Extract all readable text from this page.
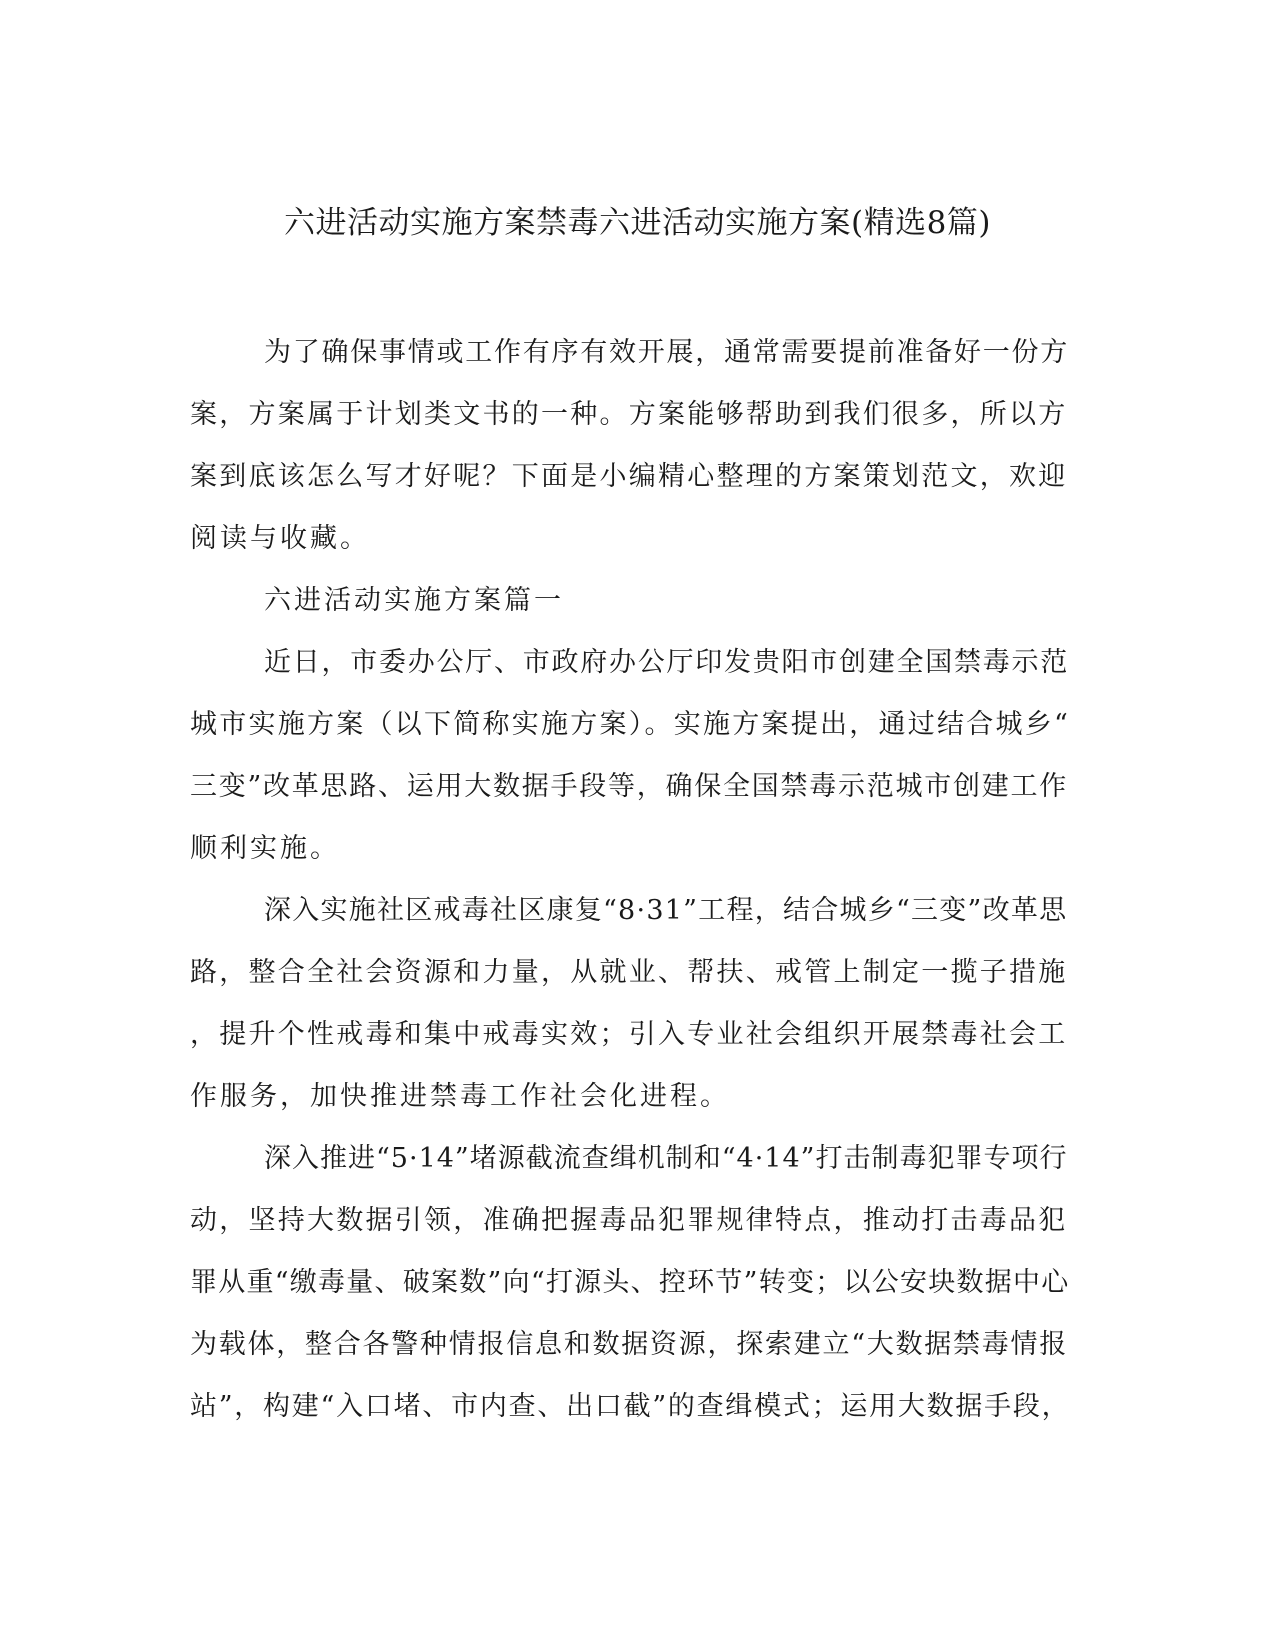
六进活动实施方案禁毒六进活动实施方案(精选8篇)

为了确保事情或工作有序有效开展，通常需要提前准备好一份方
案，方案属于计划类文书的一种。方案能够帮助到我们很多，所以方
案到底该怎么写才好呢？下面是小编精心整理的方案策划范文，欢迎
阅读与收藏。

六进活动实施方案篇一

近日，市委办公厅、市政府办公厅印发贵阳市创建全国禁毒示范
城市实施方案（以下简称实施方案）。实施方案提出，通过结合城乡“
三变”改革思路、运用大数据手段等，确保全国禁毒示范城市创建工作
顺利实施。

深入实施社区戒毒社区康复“8·31”工程，结合城乡“三变”改革思
路，整合全社会资源和力量，从就业、帮扶、戒管上制定一揽子措施
，提升个性戒毒和集中戒毒实效；引入专业社会组织开展禁毒社会工
作服务，加快推进禁毒工作社会化进程。

深入推进“5·14”堵源截流查缉机制和“4·14”打击制毒犯罪专项行
动，坚持大数据引领，准确把握毒品犯罪规律特点，推动打击毒品犯
罪从重“缴毒量、破案数”向“打源头、控环节”转变；以公安块数据中心
为载体，整合各警种情报信息和数据资源，探索建立“大数据禁毒情报
站”，构建“入口堵、市内查、出口截”的查缉模式；运用大数据手段，
